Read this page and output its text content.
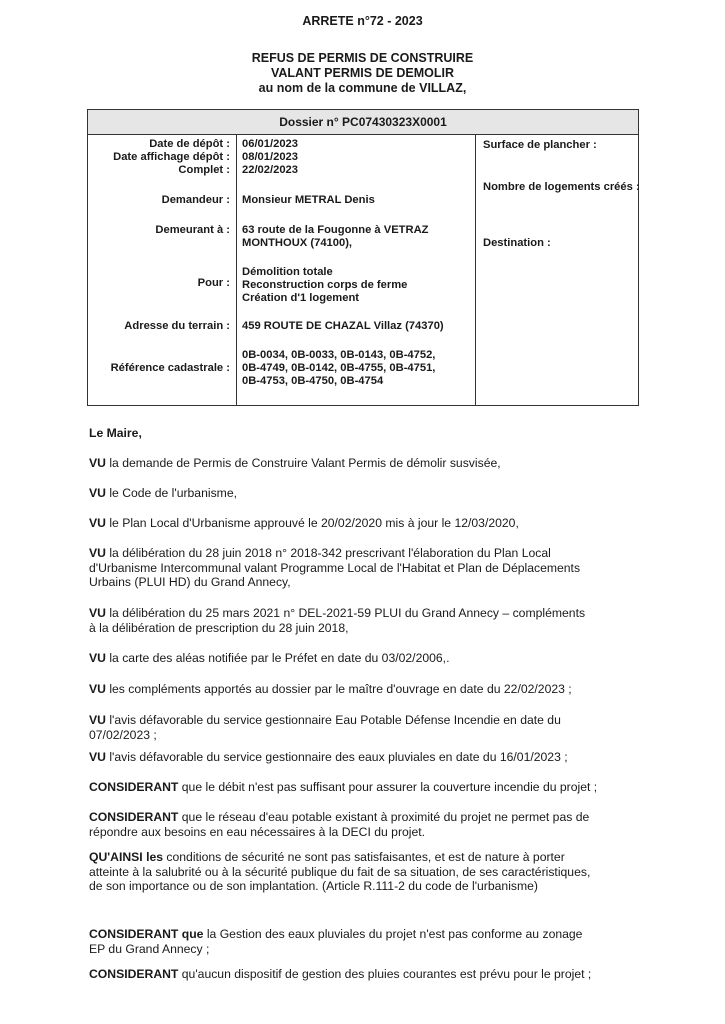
ARRETE n°72 - 2023
REFUS DE PERMIS DE CONSTRUIRE
VALANT PERMIS DE DEMOLIR
au nom de la commune de VILLAZ,
Dossier n° PC07430323X0001
Date de dépôt :
Date affichage dépôt :
Complet :
Demandeur :
Demeurant à :
Pour :
Adresse du terrain :
Référence cadastrale :
06/01/2023
08/01/2023
22/02/2023
Monsieur METRAL Denis
63 route de la Fougonne à VETRAZ
MONTHOUX (74100),
Démolition totale
Reconstruction corps de ferme
Création d'1 logement
459 ROUTE DE CHAZAL Villaz (74370)
0B-0034, 0B-0033, 0B-0143, 0B-4752,
0B-4749, 0B-0142, 0B-4755, 0B-4751,
0B-4753, 0B-4750, 0B-4754
Surface de plancher :
Nombre de logements créés :
Destination :
Le Maire,
VU la demande de Permis de Construire Valant Permis de démolir susvisée,
VU le Code de l'urbanisme,
VU le Plan Local d'Urbanisme approuvé le 20/02/2020 mis à jour le 12/03/2020,
VU la délibération du 28 juin 2018 n° 2018-342 prescrivant l'élaboration du Plan Local
d'Urbanisme Intercommunal valant Programme Local de l'Habitat et Plan de Déplacements
Urbains (PLUI HD) du Grand Annecy,
VU la délibération du 25 mars 2021 n° DEL-2021-59 PLUI du Grand Annecy – compléments
à la délibération de prescription du 28 juin 2018,
VU la carte des aléas notifiée par le Préfet en date du 03/02/2006,.
VU les compléments apportés au dossier par le maître d'ouvrage en date du 22/02/2023 ;
VU l'avis défavorable du service gestionnaire Eau Potable Défense Incendie en date du
07/02/2023 ;
VU l'avis défavorable du service gestionnaire des eaux pluviales en date du 16/01/2023 ;
CONSIDERANT que le débit n'est pas suffisant pour assurer la couverture incendie du projet ;
CONSIDERANT que le réseau d'eau potable existant à proximité du projet ne permet pas de
répondre aux besoins en eau nécessaires à la DECI du projet.
QU'AINSI les conditions de sécurité ne sont pas satisfaisantes, et est de nature à porter
atteinte à la salubrité ou à la sécurité publique du fait de sa situation, de ses caractéristiques,
de son importance ou de son implantation. (Article R.111-2 du code de l'urbanisme)
CONSIDERANT que la Gestion des eaux pluviales du projet n'est pas conforme au zonage
EP du Grand Annecy ;
CONSIDERANT qu'aucun dispositif de gestion des pluies courantes est prévu pour le projet ;
